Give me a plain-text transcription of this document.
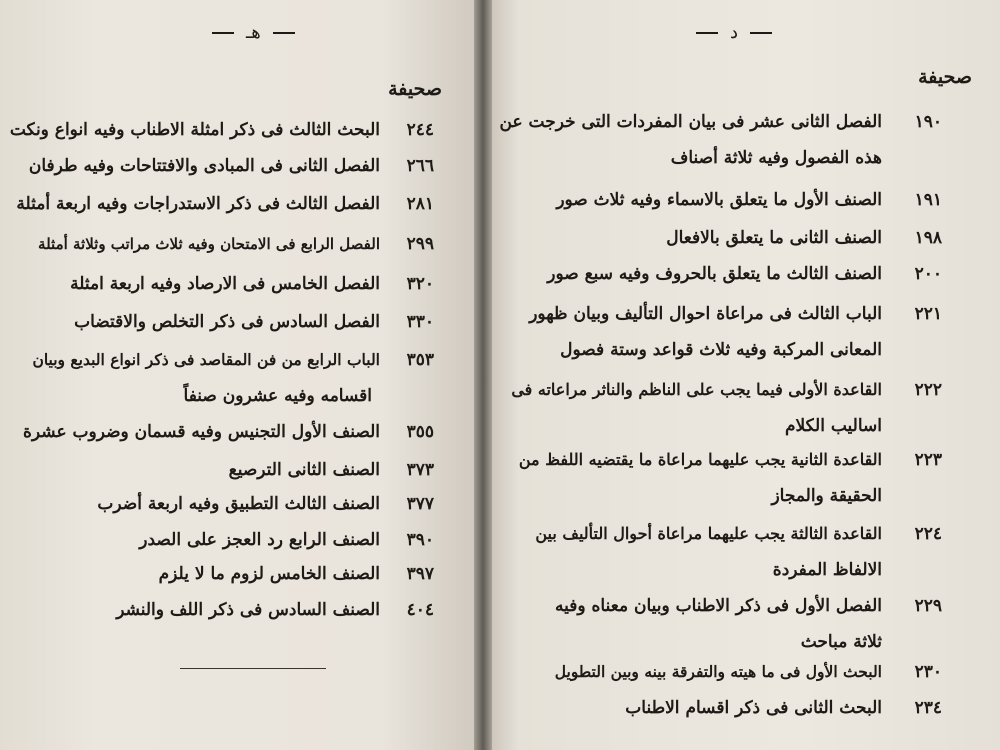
هـ	د
صحيفة
صحيفة
٢٤٤
البحث الثالث فى ذكر امثلة الاطناب وفيه انواع ونكت
٢٦٦
الفصل الثانى فى المبادى والافتتاحات وفيه طرفان
٢٨١
الفصل الثالث فى ذكر الاستدراجات وفيه اربعة أمثلة
٢٩٩
الفصل الرابع فى الامتحان وفيه ثلاث مراتب وثلاثة أمثلة
٣٢٠
الفصل الخامس فى الارصاد وفيه اربعة امثلة
٣٣٠
الفصل السادس فى ذكر التخلص والاقتضاب
٣٥٣
الباب الرابع من فن المقاصد فى ذكر انواع البديع وبيان
اقسامه وفيه عشرون صنفاً
٣٥٥
الصنف الأول التجنيس وفيه قسمان وضروب عشرة
٣٧٣
الصنف الثانى الترصيع
٣٧٧
الصنف الثالث التطبيق وفيه اربعة أضرب
٣٩٠
الصنف الرابع رد العجز على الصدر
٣٩٧
الصنف الخامس لزوم ما لا يلزم
٤٠٤
الصنف السادس فى ذكر اللف والنشر
١٩٠
الفصل الثانى عشر فى بيان المفردات التى خرجت عن
هذه الفصول وفيه ثلاثة أصناف
١٩١
الصنف الأول ما يتعلق بالاسماء وفيه ثلاث صور
١٩٨
الصنف الثانى ما يتعلق بالافعال
٢٠٠
الصنف الثالث ما يتعلق بالحروف وفيه سبع صور
٢٢١
الباب الثالث فى مراعاة احوال التأليف وبيان ظهور
المعانى المركبة وفيه ثلاث قواعد وستة فصول
٢٢٢
القاعدة الأولى فيما يجب على الناظم والناثر مراعاته فى
اساليب الكلام
٢٢٣
القاعدة الثانية يجب عليهما مراعاة ما يقتضيه اللفظ من
الحقيقة والمجاز
٢٢٤
القاعدة الثالثة يجب عليهما مراعاة أحوال التأليف بين
الالفاظ المفردة
٢٢٩
الفصل الأول فى ذكر الاطناب وبيان معناه وفيه
ثلاثة مباحث
٢٣٠
البحث الأول فى ما هيته والتفرقة بينه وبين التطويل
٢٣٤
البحث الثانى فى ذكر اقسام الاطناب
